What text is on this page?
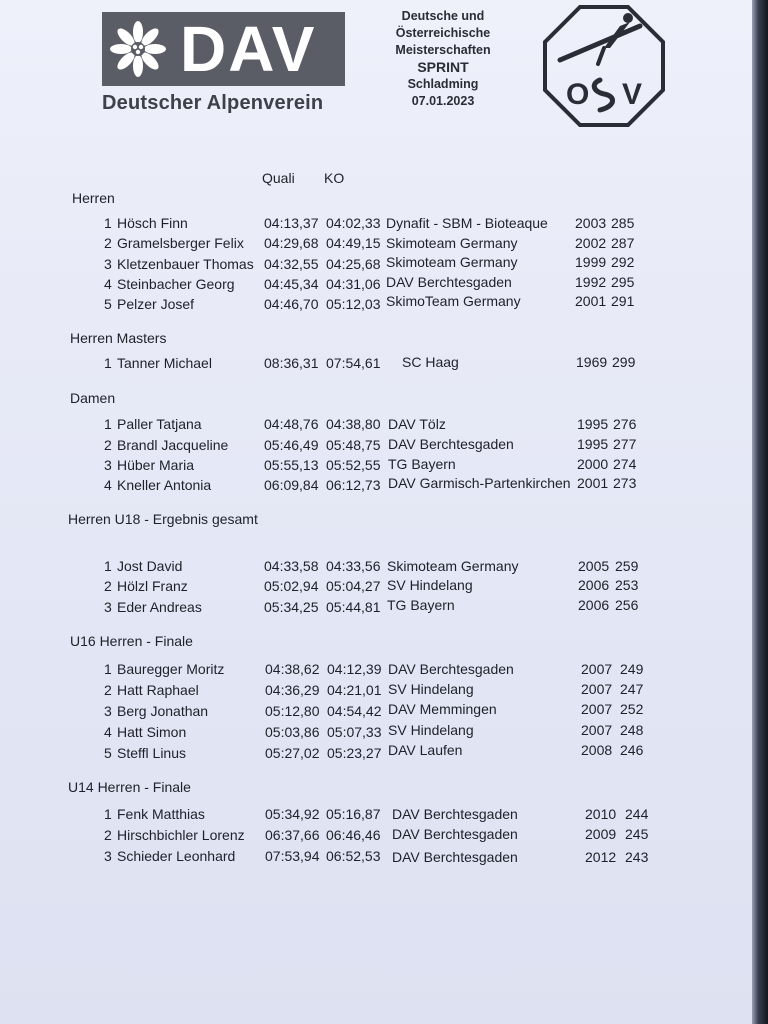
DAV
Deutscher Alpenverein
Deutsche und
Österreichische
Meisterschaften
SPRINT
Schladming
07.01.2023	O V
Quali KO
Herren
1 Hösch Finn	04:13,37 04:02,33 Dynafit - SBM - Bioteaque 2003 285
2 Gramelsberger Felix 04:29,68 04:49,15 Skimoteam Germany	2002 287
3 Kletzenbauer Thomas 04:32,55 04:25,68 Skimoteam Germany	1999 292
4 Steinbacher Georg 04:45,34 04:31,06 DAV Berchtesgaden	1992 295
5 Pelzer Josef	04:46,70 05:12,03 SkimoTeam Germany	2001 291
Herren Masters
1 Tanner Michael	08:36,31 07:54,61 SC Haag	1969 299
Damen
1 Paller Tatjana	04:48,76 04:38,80 DAV Tölz	1995 276
2 Brandl Jacqueline	05:46,49 05:48,75 DAV Berchtesgaden	1995 277
3 Hüber Maria	05:55,13 05:52,55 TG Bayern	2000 274
4 Kneller Antonia	06:09,84 06:12,73 DAV Garmisch-Partenkirchen 2001 273
Herren U18 - Ergebnis gesamt
1 Jost David	04:33,58 04:33,56 Skimoteam Germany	2005 259
2 Hölzl Franz	05:02,94 05:04,27 SV Hindelang	2006 253
3 Eder Andreas	05:34,25 05:44,81 TG Bayern	2006 256
U16 Herren - Finale
1 Bauregger Moritz	04:38,62 04:12,39 DAV Berchtesgaden	2007 249
2 Hatt Raphael	04:36,29 04:21,01 SV Hindelang	2007 247
3 Berg Jonathan	05:12,80 04:54,42 DAV Memmingen	2007 252
4 Hatt Simon	05:03,86 05:07,33 SV Hindelang	2007 248
5 Steffl Linus	05:27,02 05:23,27 DAV Laufen	2008 246
U14 Herren - Finale
1 Fenk Matthias	05:34,92 05:16,87 DAV Berchtesgaden	2010 244
2 Hirschbichler Lorenz 06:37,66 06:46,46 DAV Berchtesgaden	2009 245
3 Schieder Leonhard 07:53,94 06:52,53 DAV Berchtesgaden	2012 243
